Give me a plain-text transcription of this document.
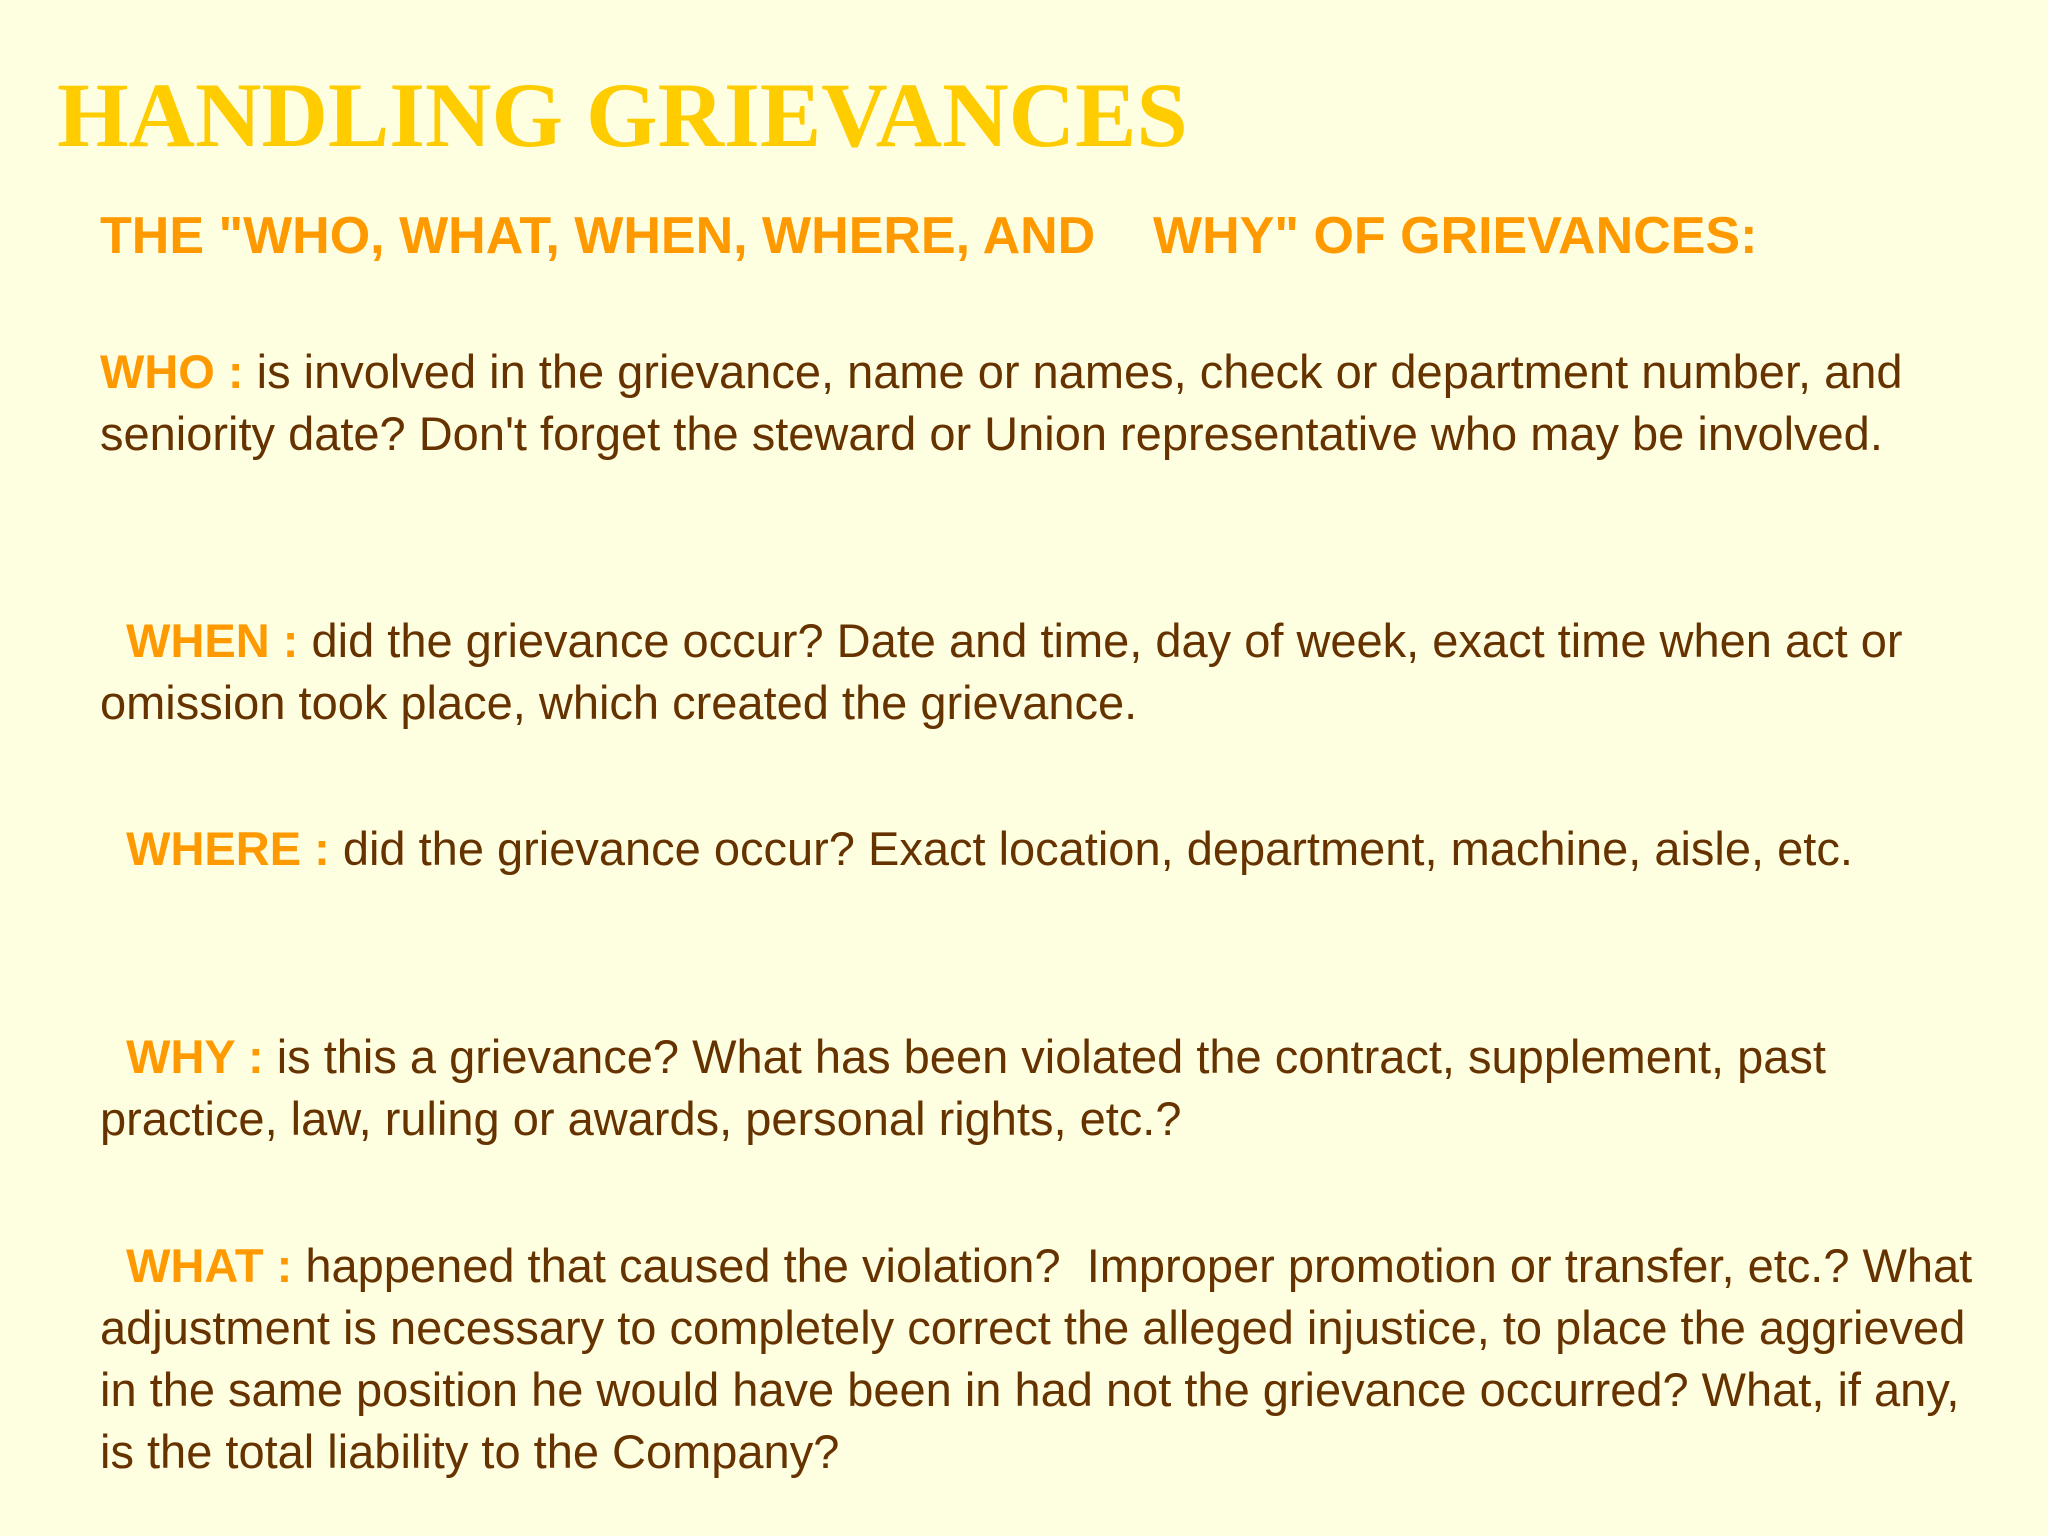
HANDLING GRIEVANCES
THE "WHO, WHAT, WHEN, WHERE, AND    WHY" OF GRIEVANCES:

WHO : is involved in the grievance, name or names, check or department number, and seniority date? Don't forget the steward or Union representative who may be involved.

WHEN : did the grievance occur? Date and time, day of week, exact time when act or omission took place, which created the grievance.

WHERE : did the grievance occur? Exact location, department, machine, aisle, etc.

WHY : is this a grievance? What has been violated the contract, supplement, past practice, law, ruling or awards, personal rights, etc.?

WHAT : happened that caused the violation?  Improper promotion or transfer, etc.? What adjustment is necessary to completely correct the alleged injustice, to place the aggrieved in the same position he would have been in had not the grievance occurred? What, if any, is the total liability to the Company?
